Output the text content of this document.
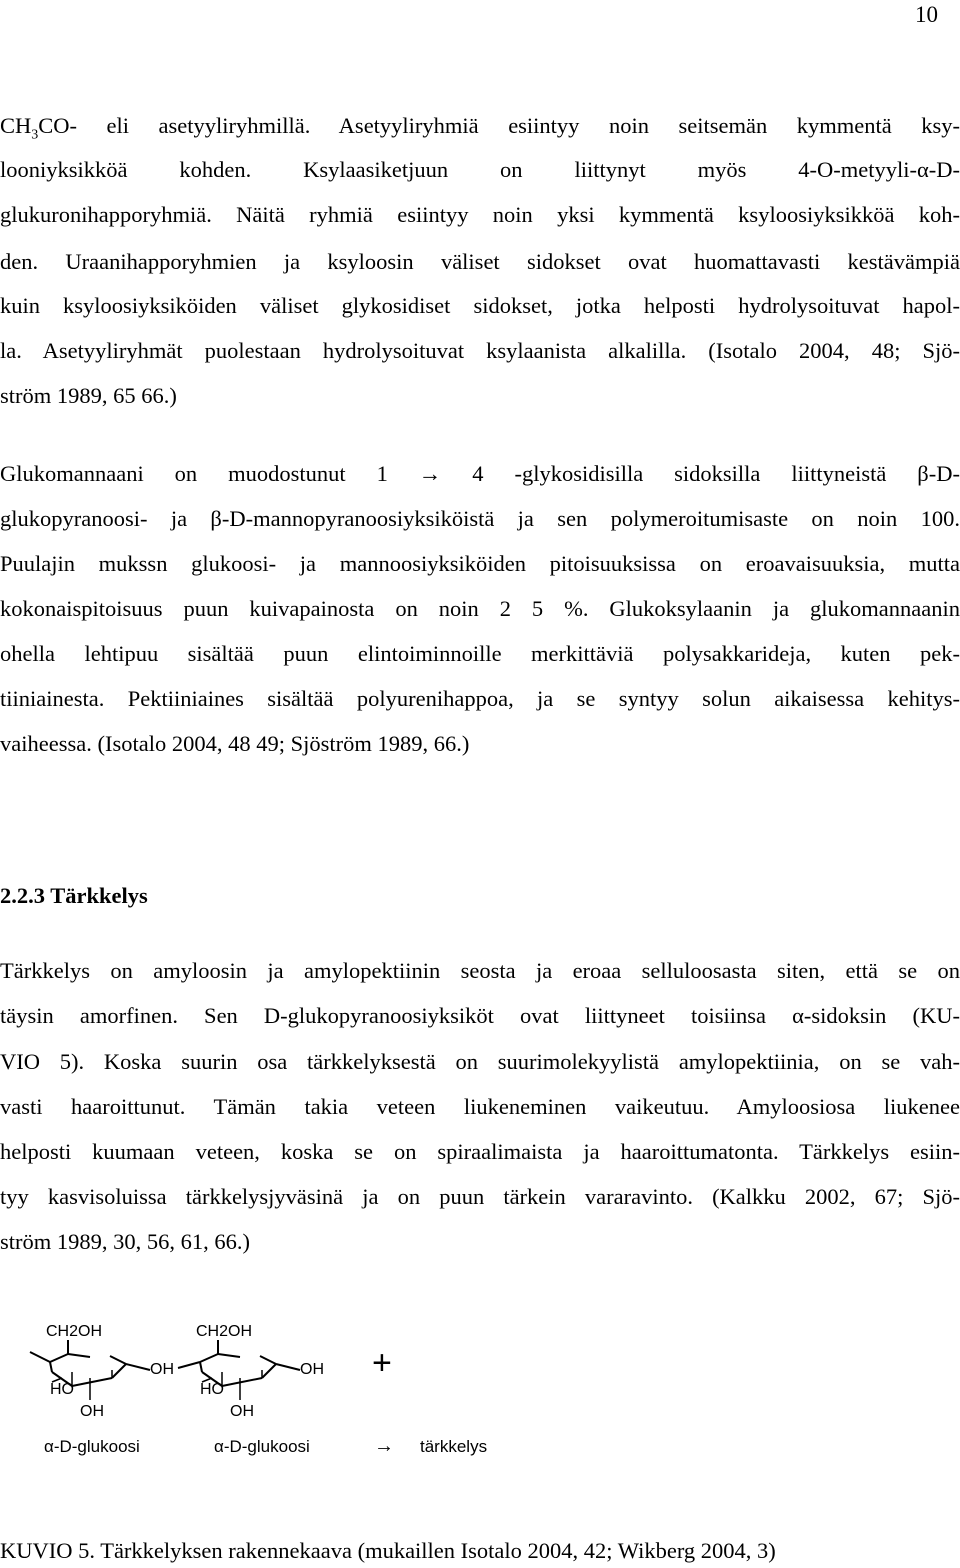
10
$CH_3CO-$ eli asetyyliryhmillä. Asetyyliryhmiä esiintyy noin seitsemän kymmentä ksy-
looniyksikköä kohden. Ksylaasiketjuun on liittynyt myös 4-O-metyyli-α-D-
glukuronihapporyhmiä. Näitä ryhmiä esiintyy noin yksi kymmentä ksyloosiyksikköä koh-
den. Uraanihapporyhmien ja ksyloosin väliset sidokset ovat huomattavasti kestävämpiä
kuin ksyloosiyksiköiden väliset glykosidiset sidokset, jotka helposti hydrolysoituvat hapol-
la. Asetyyliryhmät puolestaan hydrolysoituvat ksylaanista alkalilla. (Isotalo 2004, 48; Sjö-
ström 1989, 65 66.)
Glukomannaani on muodostunut 1 → 4 -glykosidisilla sidoksilla liittyneistä β-D-
glukopyranoosi- ja β-D-mannopyranoosiyksiköistä ja sen polymeroitumisaste on noin 100.
Puulajin mukssn glukoosi- ja mannoosiyksiköiden pitoisuuksissa on eroavaisuuksia, mutta
kokonaispitoisuus puun kuivapainosta on noin 2 5 %. Glukoksylaanin ja glukomannaanin
ohella lehtipuu sisältää puun elintoiminnoille merkittäviä polysakkarideja, kuten pek-
tiiniainesta. Pektiiniaines sisältää polyurenihappoa, ja se syntyy solun aikaisessa kehitys-
vaiheessa. (Isotalo 2004, 48 49; Sjöström 1989, 66.)
2.2.3 Tärkkelys
Tärkkelys on amyloosin ja amylopektiinin seosta ja eroaa selluloosasta siten, että se on
täysin amorfinen. Sen D-glukopyranoosiyksiköt ovat liittyneet toisiinsa α-sidoksin (KU-
VIO 5). Koska suurin osa tärkkelyksestä on suurimolekyylistä amylopektiinia, on se vah-
vasti haaroittunut. Tämän takia veteen liukeneminen vaikeutuu. Amyloosiosa liukenee
helposti kuumaan veteen, koska se on spiraalimaista ja haaroittumatonta. Tärkkelys esiin-
tyy kasvisoluissa tärkkelysjyväsinä ja on puun tärkein vararavinto. (Kalkku 2002, 67; Sjö-
ström 1989, 30, 56, 61, 66.)
CH2OH	CH2OH
HO	HO
OH	OH
OH	OH
+
α-D-glukoosi	α-D-glukoosi	→ tärkkelys
KUVIO 5. Tärkkelyksen rakennekaava (mukaillen Isotalo 2004, 42; Wikberg 2004, 3)
